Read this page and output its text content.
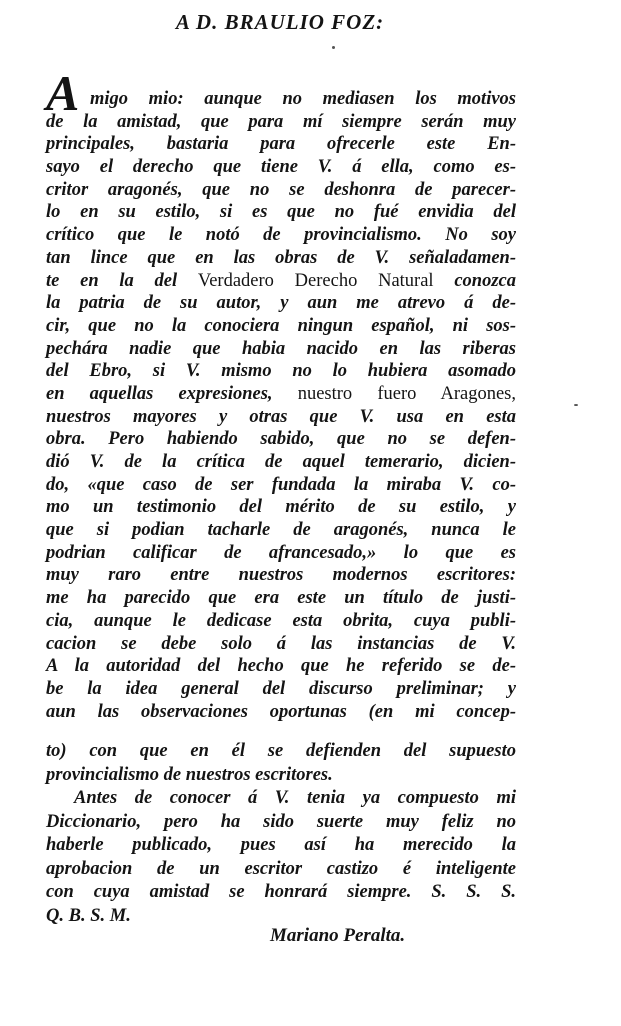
A D. BRAULIO FOZ:
A migo mio: aunque no mediasen los motivos
de la amistad, que para mí siempre serán muy
principales, bastaria para ofrecerle este En-
sayo el derecho que tiene V. á ella, como es-
critor aragonés, que no se deshonra de parecer-
lo en su estilo, si es que no fué envidia del
crítico que le notó de provincialismo. No soy
tan lince que en las obras de V. señaladamen-
te en la del Verdadero Derecho Natural conozca
la patria de su autor, y aun me atrevo á de-
cir, que no la conociera ningun español, ni sos-
pechára nadie que habia nacido en las riberas
del Ebro, si V. mismo no lo hubiera asomado
en aquellas expresiones, nuestro fuero Aragones,
nuestros mayores y otras que V. usa en esta
obra. Pero habiendo sabido, que no se defen-
dió V. de la crítica de aquel temerario, dicien-
do, «que caso de ser fundada la miraba V. co-
mo un testimonio del mérito de su estilo, y
que si podian tacharle de aragonés, nunca le
podrian calificar de afrancesado,» lo que es
muy raro entre nuestros modernos escritores:
me ha parecido que era este un título de justi-
cia, aunque le dedicase esta obrita, cuya publi-
cacion se debe solo á las instancias de V.
A la autoridad del hecho que he referido se de-
be la idea general del discurso preliminar; y
aun las observaciones oportunas (en mi concep-
to) con que en él se defienden del supuesto
provincialismo de nuestros escritores.
Antes de conocer á V. tenia ya compuesto mi
Diccionario, pero ha sido suerte muy feliz no
haberle publicado, pues así ha merecido la
aprobacion de un escritor castizo é inteligente
con cuya amistad se honrará siempre. S. S. S.
Q. B. S. M.
Mariano Peralta.
